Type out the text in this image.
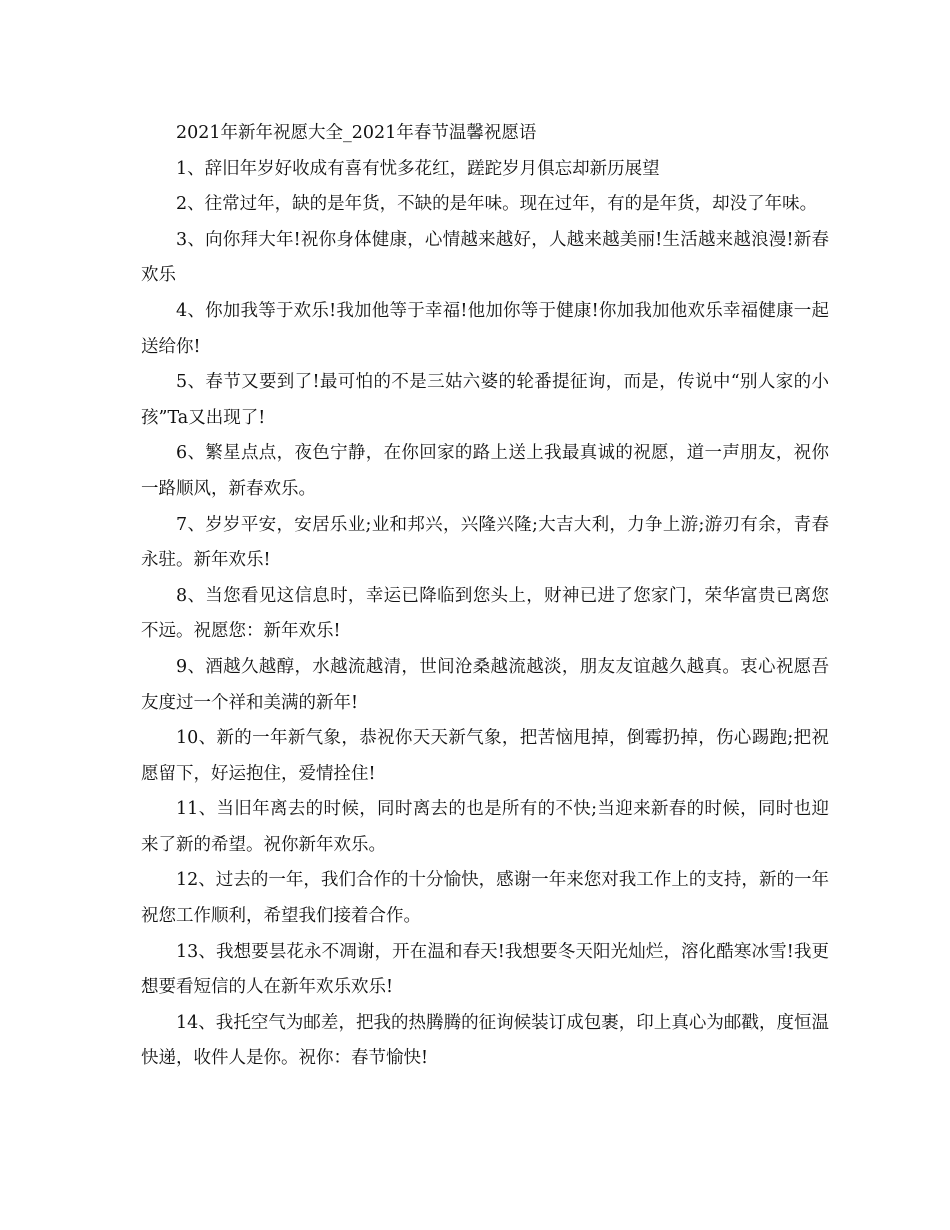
2021年新年祝愿大全_2021年春节温馨祝愿语

1、辞旧年岁好收成有喜有忧多花红，蹉跎岁月俱忘却新历展望

2、往常过年，缺的是年货，不缺的是年味。现在过年，有的是年货，却没了年味。

3、向你拜大年!祝你身体健康，心情越来越好，人越来越美丽!生活越来越浪漫!新春欢乐

4、你加我等于欢乐!我加他等于幸福!他加你等于健康!你加我加他欢乐幸福健康一起送给你!

5、春节又要到了!最可怕的不是三姑六婆的轮番提征询，而是，传说中“别人家的小孩”Ta又出现了!

6、繁星点点，夜色宁静，在你回家的路上送上我最真诚的祝愿，道一声朋友，祝你一路顺风，新春欢乐。

7、岁岁平安，安居乐业;业和邦兴，兴隆兴隆;大吉大利，力争上游;游刃有余，青春永驻。新年欢乐!

8、当您看见这信息时，幸运已降临到您头上，财神已进了您家门，荣华富贵已离您不远。祝愿您：新年欢乐!

9、酒越久越醇，水越流越清，世间沧桑越流越淡，朋友友谊越久越真。衷心祝愿吾友度过一个祥和美满的新年!

10、新的一年新气象，恭祝你天天新气象，把苦恼甩掉，倒霉扔掉，伤心踢跑;把祝愿留下，好运抱住，爱情拴住!

11、当旧年离去的时候，同时离去的也是所有的不快;当迎来新春的时候，同时也迎来了新的希望。祝你新年欢乐。

12、过去的一年，我们合作的十分愉快，感谢一年来您对我工作上的支持，新的一年祝您工作顺利，希望我们接着合作。

13、我想要昙花永不凋谢，开在温和春天!我想要冬天阳光灿烂，溶化酷寒冰雪!我更想要看短信的人在新年欢乐欢乐!

14、我托空气为邮差，把我的热腾腾的征询候装订成包裹，印上真心为邮戳，度恒温快递，收件人是你。祝你：春节愉快!
